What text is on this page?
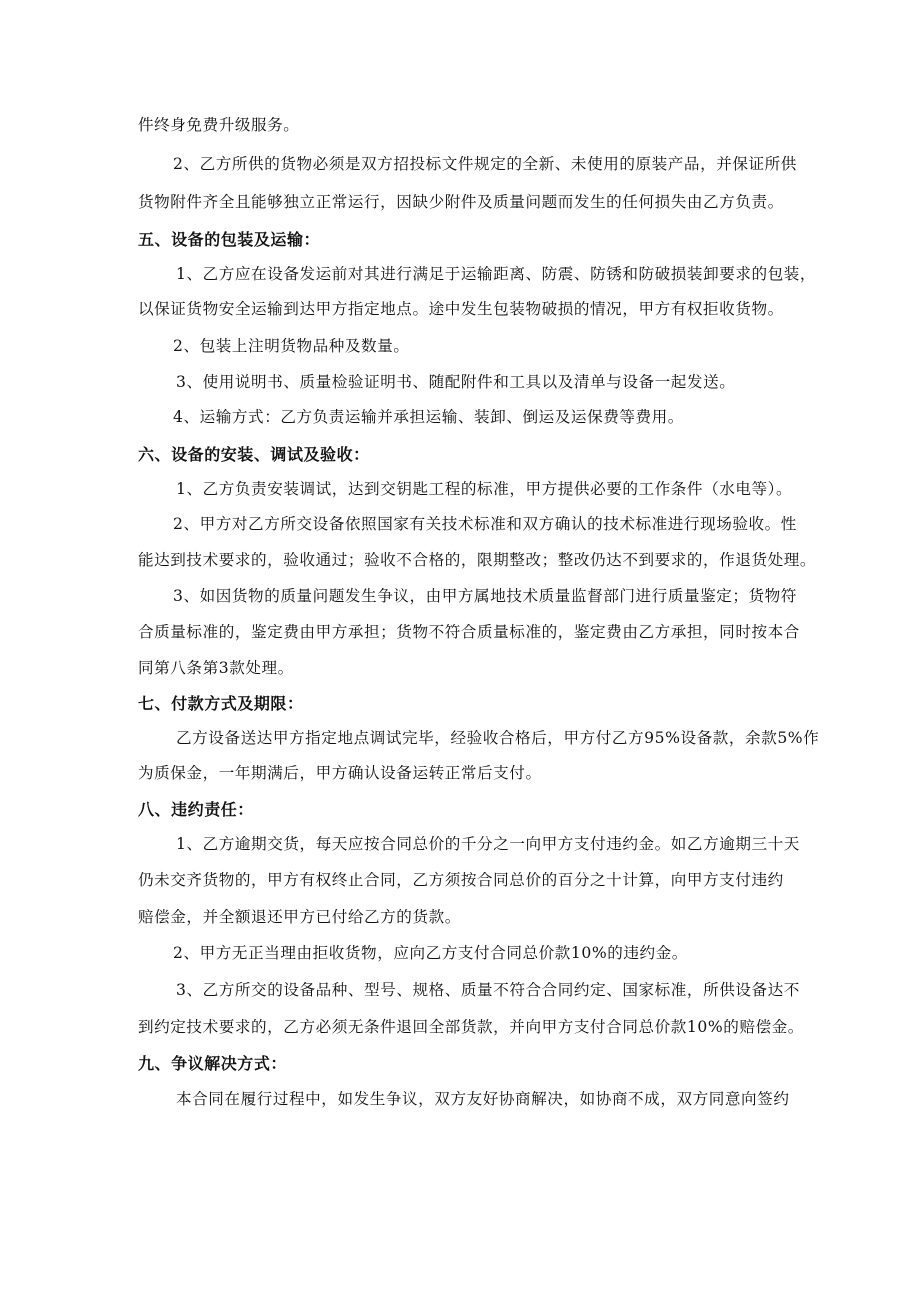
件终身免费升级服务。
2、乙方所供的货物必须是双方招投标文件规定的全新、未使用的原装产品，并保证所供
货物附件齐全且能够独立正常运行，因缺少附件及质量问题而发生的任何损失由乙方负责。
五、设备的包装及运输：
1、乙方应在设备发运前对其进行满足于运输距离、防震、防锈和防破损装卸要求的包装，
以保证货物安全运输到达甲方指定地点。途中发生包装物破损的情况，甲方有权拒收货物。
2、包装上注明货物品种及数量。
3、使用说明书、质量检验证明书、随配附件和工具以及清单与设备一起发送。
4、运输方式：乙方负责运输并承担运输、装卸、倒运及运保费等费用。
六、设备的安装、调试及验收：
1、乙方负责安装调试，达到交钥匙工程的标准，甲方提供必要的工作条件（水电等）。
2、甲方对乙方所交设备依照国家有关技术标准和双方确认的技术标准进行现场验收。性
能达到技术要求的，验收通过；验收不合格的，限期整改；整改仍达不到要求的，作退货处理。
3、如因货物的质量问题发生争议，由甲方属地技术质量监督部门进行质量鉴定；货物符
合质量标准的，鉴定费由甲方承担；货物不符合质量标准的，鉴定费由乙方承担，同时按本合
同第八条第3款处理。
七、付款方式及期限：
乙方设备送达甲方指定地点调试完毕，经验收合格后，甲方付乙方95%设备款，余款5%作
为质保金，一年期满后，甲方确认设备运转正常后支付。
八、违约责任：
1、乙方逾期交货，每天应按合同总价的千分之一向甲方支付违约金。如乙方逾期三十天
仍未交齐货物的，甲方有权终止合同，乙方须按合同总价的百分之十计算，向甲方支付违约
赔偿金，并全额退还甲方已付给乙方的货款。
2、甲方无正当理由拒收货物，应向乙方支付合同总价款10%的违约金。
3、乙方所交的设备品种、型号、规格、质量不符合合同约定、国家标准，所供设备达不
到约定技术要求的，乙方必须无条件退回全部货款，并向甲方支付合同总价款10%的赔偿金。
九、争议解决方式：
本合同在履行过程中，如发生争议，双方友好协商解决，如协商不成，双方同意向签约
